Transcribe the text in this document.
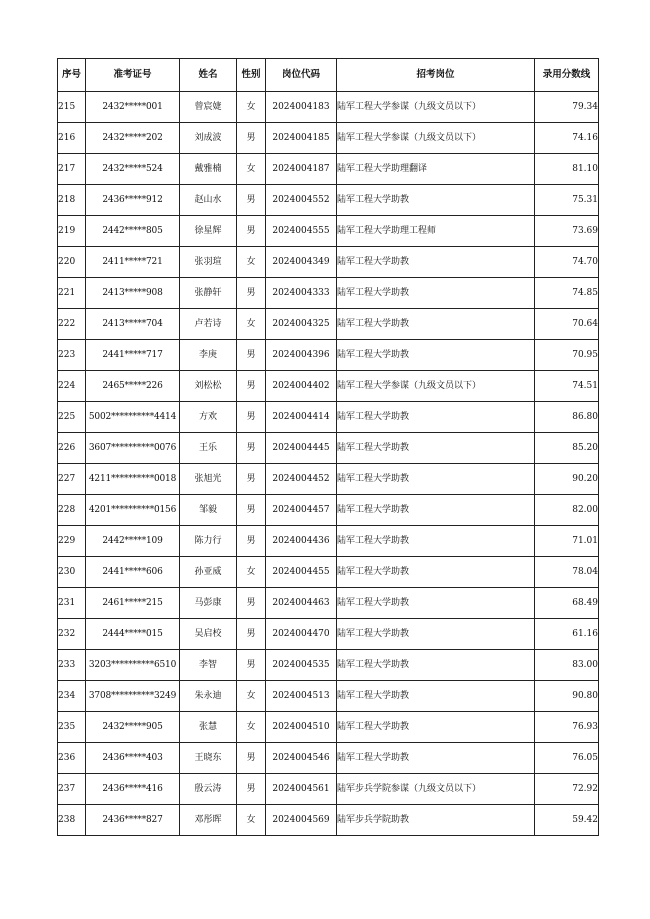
序号	准考证号	姓名	性别	岗位代码	招考岗位	录用分数线
215	2432*****001	曾宸婕	女	2024004183	陆军工程大学参谋（九级文员以下）	79.34
216	2432*****202	刘成波	男	2024004185	陆军工程大学参谋（九级文员以下）	74.16
217	2432*****524	戴雅楠	女	2024004187	陆军工程大学助理翻译	81.10
218	2436*****912	赵山水	男	2024004552	陆军工程大学助教	75.31
219	2442*****805	徐星辉	男	2024004555	陆军工程大学助理工程师	73.69
220	2411*****721	张羽瑄	女	2024004349	陆军工程大学助教	74.70
221	2413*****908	张静轩	男	2024004333	陆军工程大学助教	74.85
222	2413*****704	卢若诗	女	2024004325	陆军工程大学助教	70.64
223	2441*****717	李庚	男	2024004396	陆军工程大学助教	70.95
224	2465*****226	刘松松	男	2024004402	陆军工程大学参谋（九级文员以下）	74.51
225	5002**********4414	方欢	男	2024004414	陆军工程大学助教	86.80
226	3607**********0076	王乐	男	2024004445	陆军工程大学助教	85.20
227	4211**********0018	张旭光	男	2024004452	陆军工程大学助教	90.20
228	4201**********0156	邹毅	男	2024004457	陆军工程大学助教	82.00
229	2442*****109	陈力行	男	2024004436	陆军工程大学助教	71.01
230	2441*****606	孙亚威	女	2024004455	陆军工程大学助教	78.04
231	2461*****215	马彭康	男	2024004463	陆军工程大学助教	68.49
232	2444*****015	吴启校	男	2024004470	陆军工程大学助教	61.16
233	3203**********6510	李智	男	2024004535	陆军工程大学助教	83.00
234	3708**********3249	朱永迪	女	2024004513	陆军工程大学助教	90.80
235	2432*****905	张慧	女	2024004510	陆军工程大学助教	76.93
236	2436*****403	王晓东	男	2024004546	陆军工程大学助教	76.05
237	2436*****416	殷云涛	男	2024004561	陆军步兵学院参谋（九级文员以下）	72.92
238	2436*****827	邓彤晖	女	2024004569	陆军步兵学院助教	59.42
